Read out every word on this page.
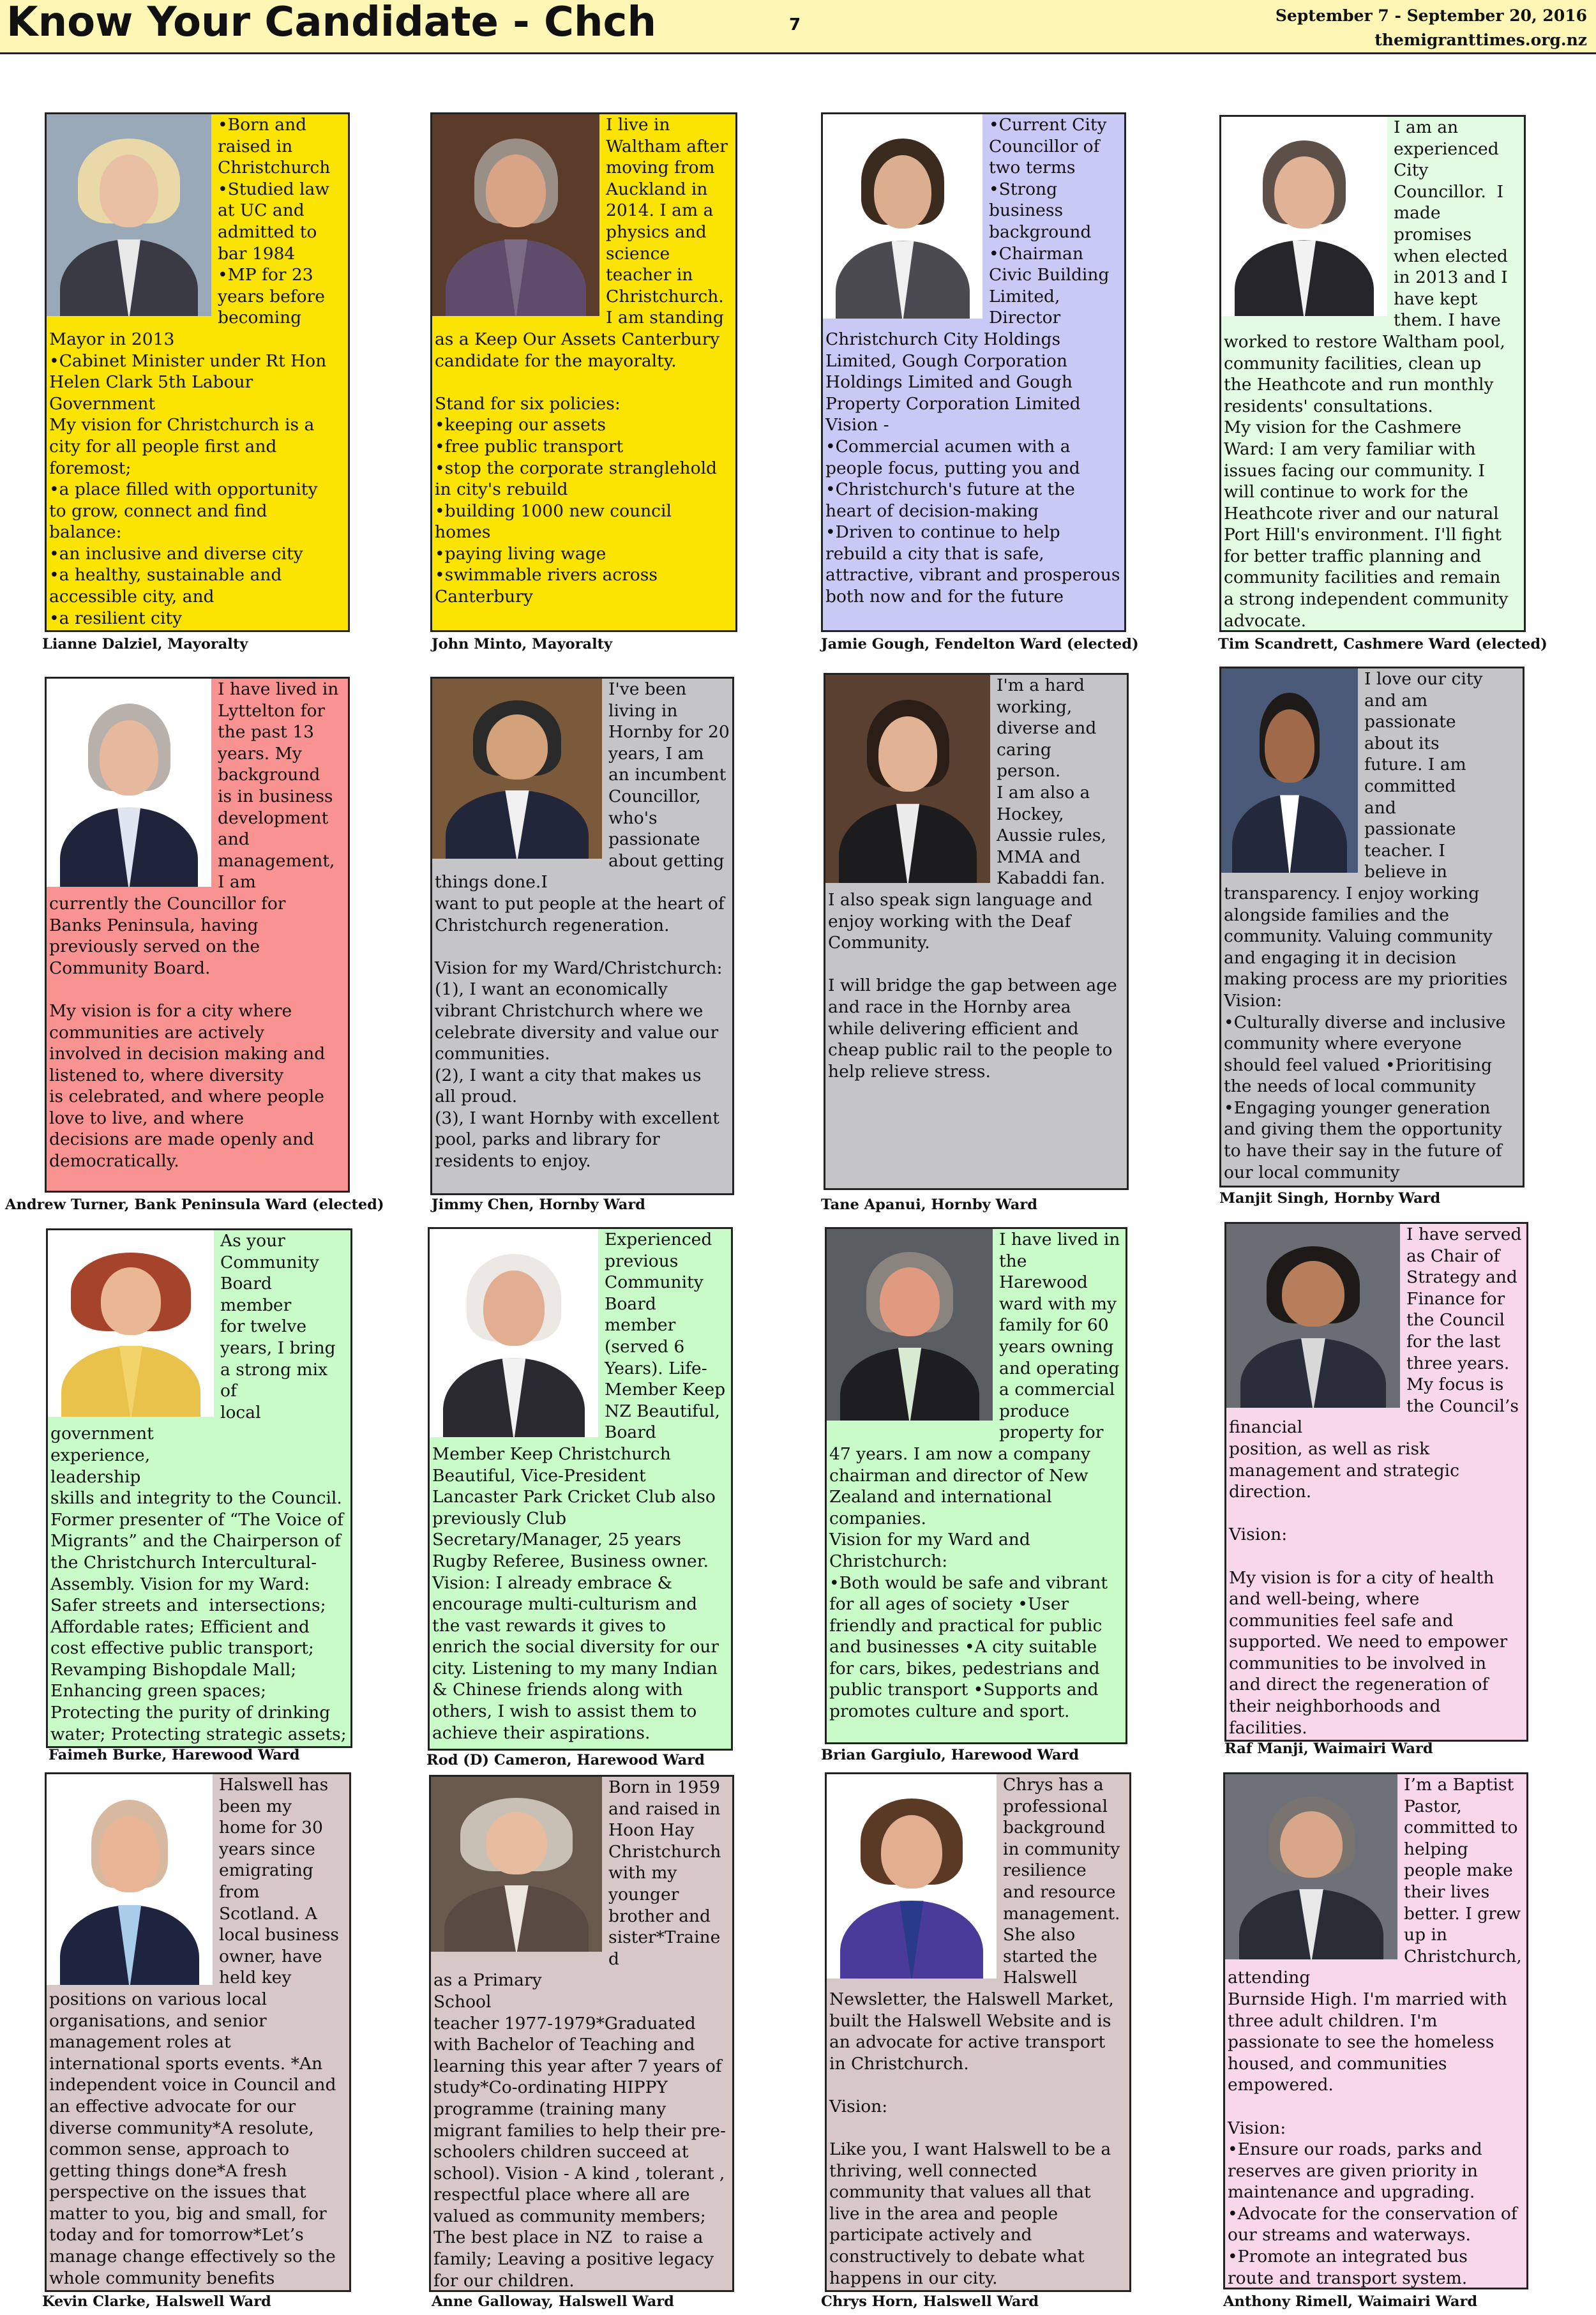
Know Your Candidate - Chch	7	September 7 - September 20, 2016
themigranttimes.org.nz
•Born and
raised in
Christchurch
•Studied law
at UC and
admitted to
bar 1984
•MP for 23
years before
becoming
Mayor in 2013
•Cabinet Minister under Rt Hon
Helen Clark 5th Labour
Government
My vision for Christchurch is a
city for all people first and
foremost;
•a place filled with opportunity
to grow, connect and find
balance:
•an inclusive and diverse city
•a healthy, sustainable and
accessible city, and
•a resilient city
Lianne Dalziel, Mayoralty
I live in
Waltham after
moving from
Auckland in
2014. I am a
physics and
science
teacher in
Christchurch.
I am standing
as a Keep Our Assets Canterbury
candidate for the mayoralty.

Stand for six policies:
•keeping our assets
•free public transport
•stop the corporate stranglehold
in city's rebuild
•building 1000 new council
homes
•paying living wage
•swimmable rivers across
Canterbury
John Minto, Mayoralty
•Current City
Councillor of
two terms
•Strong
business
background
•Chairman
Civic Building
Limited,
Director
Christchurch City Holdings
Limited, Gough Corporation
Holdings Limited and Gough
Property Corporation Limited
Vision -
•Commercial acumen with a
people focus, putting you and
•Christchurch's future at the
heart of decision-making
•Driven to continue to help
rebuild a city that is safe,
attractive, vibrant and prosperous
both now and for the future
Jamie Gough, Fendelton Ward (elected)
I am an
experienced
City
Councillor.  I
made
promises
when elected
in 2013 and I
have kept
them. I have
worked to restore Waltham pool,
community facilities, clean up
the Heathcote and run monthly
residents' consultations.
My vision for the Cashmere
Ward: I am very familiar with
issues facing our community. I
will continue to work for the
Heathcote river and our natural
Port Hill's environment. I'll fight
for better traffic planning and
community facilities and remain
a strong independent community
advocate.
Tim Scandrett, Cashmere Ward (elected)
I have lived in
Lyttelton for
the past 13
years. My
background
is in business
development
and
management,
I am
currently the Councillor for
Banks Peninsula, having
previously served on the
Community Board.

My vision is for a city where
communities are actively
involved in decision making and
listened to, where diversity
is celebrated, and where people
love to live, and where
decisions are made openly and
democratically.
Andrew Turner, Bank Peninsula Ward (elected)
I've been
living in
Hornby for 20
years, I am
an incumbent
Councillor,
who's
passionate
about getting
things done.I
want to put people at the heart of
Christchurch regeneration.

Vision for my Ward/Christchurch:
(1), I want an economically
vibrant Christchurch where we
celebrate diversity and value our
communities.
(2), I want a city that makes us
all proud.
(3), I want Hornby with excellent
pool, parks and library for
residents to enjoy.
Jimmy Chen, Hornby Ward
I'm a hard
working,
diverse and
caring
person.
I am also a
Hockey,
Aussie rules,
MMA and
Kabaddi fan.
I also speak sign language and
enjoy working with the Deaf
Community.

I will bridge the gap between age
and race in the Hornby area
while delivering efficient and
cheap public rail to the people to
help relieve stress.
Tane Apanui, Hornby Ward
I love our city
and am
passionate
about its
future. I am
committed
and
passionate
teacher. I
believe in
transparency. I enjoy working
alongside families and the
community. Valuing community
and engaging it in decision
making process are my priorities
Vision:
•Culturally diverse and inclusive
community where everyone
should feel valued •Prioritising
the needs of local community
•Engaging younger generation
and giving them the opportunity
to have their say in the future of
our local community
Manjit Singh, Hornby Ward
As your
Community
Board member
for twelve
years, I bring
a strong mix of
local
government
experience,
leadership
skills and integrity to the Council.
Former presenter of “The Voice of
Migrants” and the Chairperson of
the Christchurch Intercultural-
Assembly. Vision for my Ward:
Safer streets and  intersections;
Affordable rates; Efficient and
cost effective public transport;
Revamping Bishopdale Mall;
Enhancing green spaces;
Protecting the purity of drinking
water; Protecting strategic assets;

Faimeh Burke, Harewood Ward
Experienced
previous
Community
Board
member
(served 6
Years). Life-
Member Keep
NZ Beautiful,
Board
Member Keep Christchurch
Beautiful, Vice-President
Lancaster Park Cricket Club also
previously Club
Secretary/Manager, 25 years
Rugby Referee, Business owner.
Vision: I already embrace &
encourage multi-culturism and
the vast rewards it gives to
enrich the social diversity for our
city. Listening to my many Indian
& Chinese friends along with
others, I wish to assist them to
achieve their aspirations.
Rod (D) Cameron, Harewood Ward
I have lived in
the
Harewood
ward with my
family for 60
years owning
and operating
a commercial
produce
property for
47 years. I am now a company
chairman and director of New
Zealand and international
companies.
Vision for my Ward and
Christchurch:
•Both would be safe and vibrant
for all ages of society •User
friendly and practical for public
and businesses •A city suitable
for cars, bikes, pedestrians and
public transport •Supports and
promotes culture and sport.
Brian Gargiulo, Harewood Ward
I have served
as Chair of
Strategy and
Finance for
the Council
for the last
three years.
My focus is
the Council’s
financial
position, as well as risk
management and strategic
direction.

Vision:

My vision is for a city of health
and well-being, where
communities feel safe and
supported. We need to empower
communities to be involved in
and direct the regeneration of
their neighborhoods and
facilities.
Raf Manji, Waimairi Ward
Halswell has
been my
home for 30
years since
emigrating
from
Scotland. A
local business
owner, have
held key
positions on various local
organisations, and senior
management roles at
international sports events. *An
independent voice in Council and
an effective advocate for our
diverse community*A resolute,
common sense, approach to
getting things done*A fresh
perspective on the issues that
matter to you, big and small, for
today and for tomorrow*Let’s
manage change effectively so the
whole community benefits
Kevin Clarke, Halswell Ward
Born in 1959
and raised in
Hoon Hay
Christchurch
with my
younger
brother and
sister*Trained
as a Primary
School
teacher 1977-1979*Graduated
with Bachelor of Teaching and
learning this year after 7 years of
study*Co-ordinating HIPPY
programme (training many
migrant families to help their pre-
schoolers children succeed at
school). Vision - A kind , tolerant ,
respectful place where all are
valued as community members;
The best place in NZ  to raise a
family; Leaving a positive legacy
for our children.
Anne Galloway, Halswell Ward
Chrys has a
professional
background
in community
resilience
and resource
management.
She also
started the
Halswell
Newsletter, the Halswell Market,
built the Halswell Website and is
an advocate for active transport
in Christchurch.

Vision:

Like you, I want Halswell to be a
thriving, well connected
community that values all that
live in the area and people
participate actively and
constructively to debate what
happens in our city.
Chrys Horn, Halswell Ward
I’m a Baptist
Pastor,
committed to
helping
people make
their lives
better. I grew
up in
Christchurch,
attending
Burnside High. I'm married with
three adult children. I'm
passionate to see the homeless
housed, and communities
empowered.

Vision:
•Ensure our roads, parks and
reserves are given priority in
maintenance and upgrading.
•Advocate for the conservation of
our streams and waterways.
•Promote an integrated bus
route and transport system.
Anthony Rimell, Waimairi Ward
